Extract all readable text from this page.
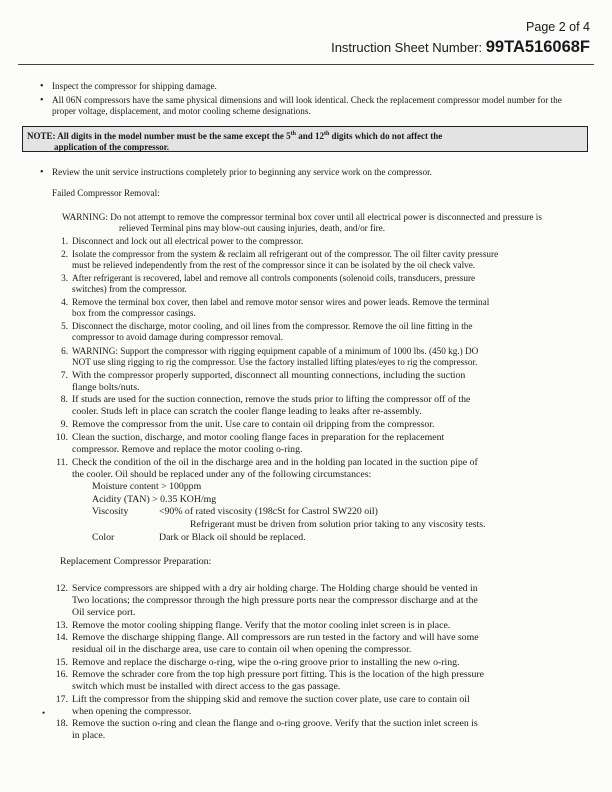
Page 2 of 4
Instruction Sheet Number: 99TA516068F
• Inspect the compressor for shipping damage.
• All 06N compressors have the same physical dimensions and will look identical. Check the replacement compressor model number for the proper voltage, displacement, and motor cooling scheme designations.
NOTE: All digits in the model number must be the same except the 5th and 12th digits which do not affect the
application of the compressor.
• Review the unit service instructions completely prior to beginning any service work on the compressor.
Failed Compressor Removal:
WARNING: Do not attempt to remove the compressor terminal box cover until all electrical power is disconnected and pressure is
relieved Terminal pins may blow-out causing injuries, death, and/or fire.
1. Disconnect and lock out all electrical power to the compressor.
2. Isolate the compressor from the system & reclaim all refrigerant out of the compressor. The oil filter cavity pressure
must be relieved independently from the rest of the compressor since it can be isolated by the oil check valve.
3. After refrigerant is recovered, label and remove all controls components (solenoid coils, transducers, pressure
switches) from the compressor.
4. Remove the terminal box cover, then label and remove motor sensor wires and power leads. Remove the terminal
box from the compressor casings.
5. Disconnect the discharge, motor cooling, and oil lines from the compressor. Remove the oil line fitting in the
compressor to avoid damage during compressor removal.
6. WARNING: Support the compressor with rigging equipment capable of a minimum of 1000 lbs. (450 kg.) DO
NOT use sling rigging to rig the compressor. Use the factory installed lifting plates/eyes to rig the compressor.
7. With the compressor properly supported, disconnect all mounting connections, including the suction
flange bolts/nuts.
8. If studs are used for the suction connection, remove the studs prior to lifting the compressor off of the
cooler. Studs left in place can scratch the cooler flange leading to leaks after re-assembly.
9. Remove the compressor from the unit. Use care to contain oil dripping from the compressor.
10. Clean the suction, discharge, and motor cooling flange faces in preparation for the replacement
compressor. Remove and replace the motor cooling o-ring.
11. Check the condition of the oil in the discharge area and in the holding pan located in the suction pipe of
the cooler. Oil should be replaced under any of the following circumstances:
Moisture content > 100ppm
Acidity (TAN) > 0.35 KOH/mg
Viscosity	<90% of rated viscosity (198cSt for Castrol SW220 oil)
Refrigerant must be driven from solution prior taking to any viscosity tests.
Color	Dark or Black oil should be replaced.
Replacement Compressor Preparation:
12. Service compressors are shipped with a dry air holding charge. The Holding charge should be vented in
Two locations; the compressor through the high pressure ports near the compressor discharge and at the
Oil service port.
13. Remove the motor cooling shipping flange. Verify that the motor cooling inlet screen is in place.
14. Remove the discharge shipping flange. All compressors are run tested in the factory and will have some
residual oil in the discharge area, use care to contain oil when opening the compressor.
15. Remove and replace the discharge o-ring, wipe the o-ring groove prior to installing the new o-ring.
16. Remove the schrader core from the top high pressure port fitting. This is the location of the high pressure
switch which must be installed with direct access to the gas passage.
17. Lift the compressor from the shipping skid and remove the suction cover plate, use care to contain oil
when opening the compressor.
18. Remove the suction o-ring and clean the flange and o-ring groove. Verify that the suction inlet screen is
in place.
•
